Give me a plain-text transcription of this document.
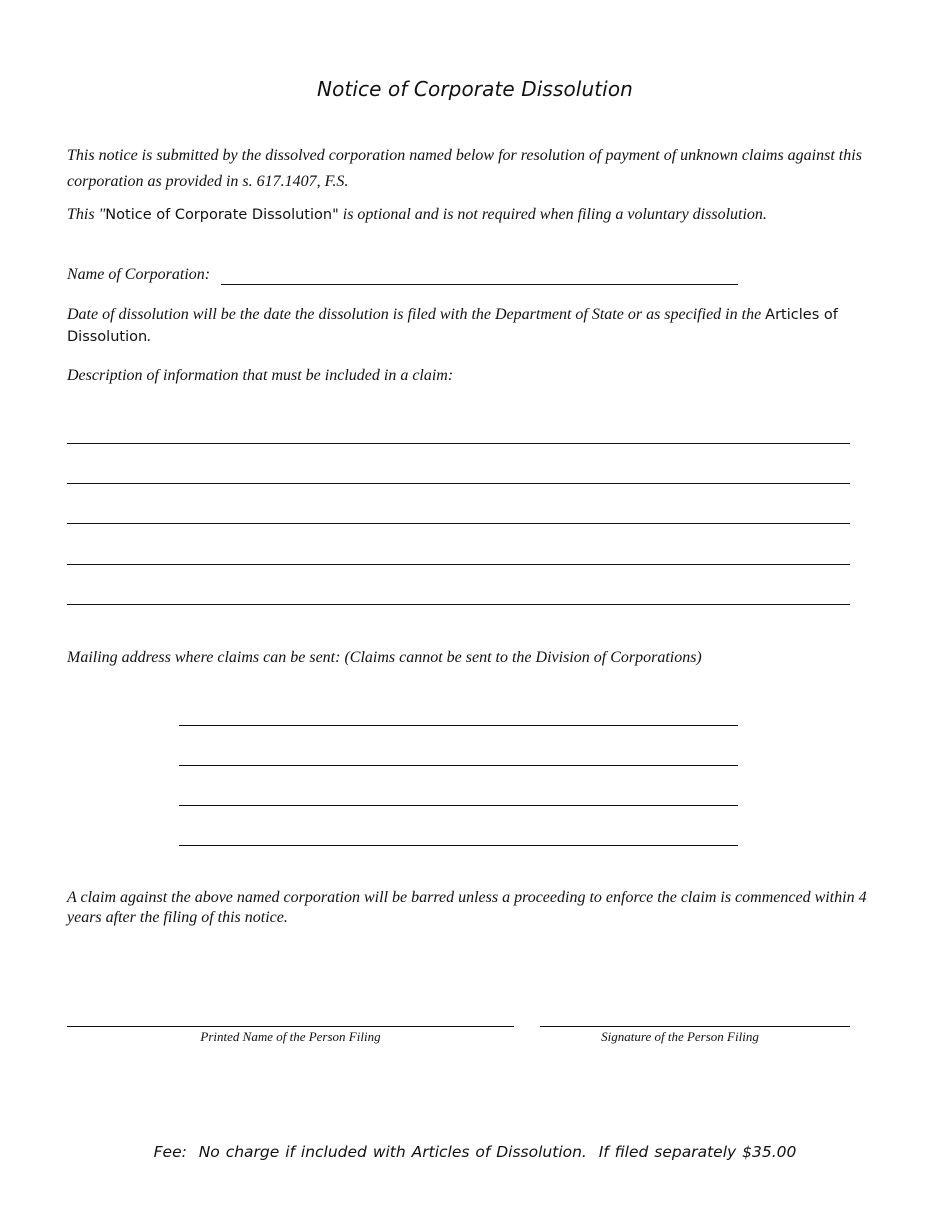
Notice of Corporate Dissolution

This notice is submitted by the dissolved corporation named below for resolution of payment of unknown claims against this corporation as provided in s. 617.1407, F.S.

This "Notice of Corporate Dissolution" is optional and is not required when filing a voluntary dissolution.

Name of Corporation:

Date of dissolution will be the date the dissolution is filed with the Department of State or as specified in the Articles of Dissolution.

Description of information that must be included in a claim:
Mailing address where claims can be sent: (Claims cannot be sent to the Division of Corporations)

A claim against the above named corporation will be barred unless a proceeding to enforce the claim is commenced within 4 years after the filing of this notice.

Printed Name of the Person Filing	Signature of the Person Filing
Fee:  No charge if included with Articles of Dissolution.  If filed separately $35.00
